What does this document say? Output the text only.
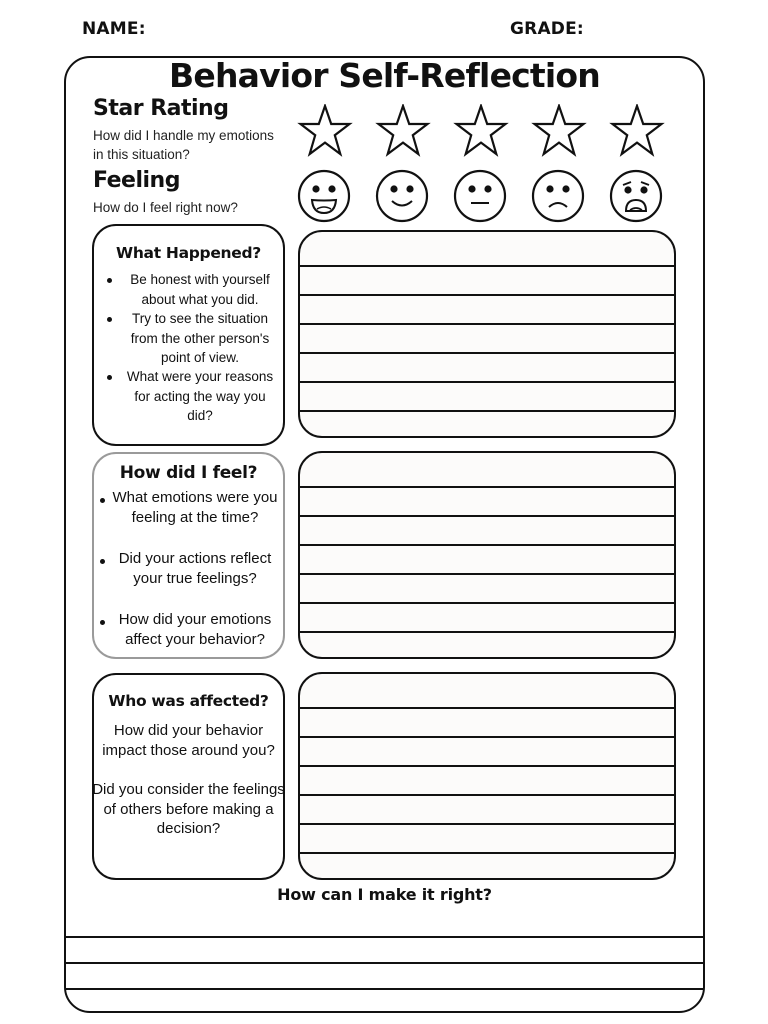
NAME:	GRADE:
Behavior Self-Reflection
Star Rating
How did I handle my emotions in this situation?
Feeling
How do I feel right now?
What Happened?
Be honest with yourself about what you did.
Try to see the situation from the other person's point of view.
What were your reasons for acting the way you did?
How did I feel?
What emotions were you feeling at the time?
Did your actions reflect your true feelings?
How did your emotions affect your behavior?
Who was affected?
How did your behavior impact those around you?
Did you consider the feelings of others before making a decision?
How can I make it right?
